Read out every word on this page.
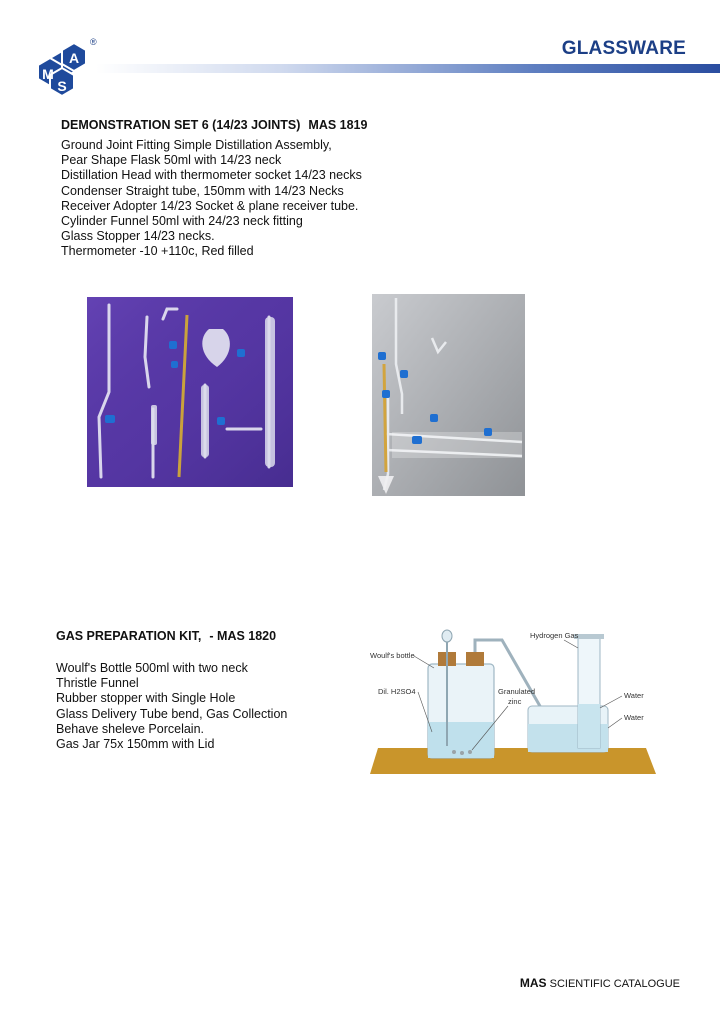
M
A
S
®	GLASSWARE
DEMONSTRATION SET 6 (14/23 JOINTS) MAS 1819
Ground Joint Fitting Simple Distillation Assembly,
Pear Shape Flask 50ml with 14/23 neck
Distillation Head with thermometer socket 14/23 necks
Condenser Straight tube, 150mm with 14/23 Necks
Receiver Adopter 14/23 Socket & plane receiver tube.
Cylinder Funnel 50ml with 24/23 neck fitting
Glass Stopper 14/23 necks.
Thermometer -10 +110c, Red filled
GAS PREPARATION KIT, - MAS 1820
Woulf's Bottle 500ml with two neck
Thristle Funnel
Rubber stopper with Single Hole
Glass Delivery Tube bend, Gas Collection
Behave sheleve Porcelain.
Gas Jar 75x 150mm with Lid
Woulf's bottle
Dil. H2SO4	Granulated
zinc
Hydrogen Gas
Water
Water
MAS SCIENTIFIC CATALOGUE
